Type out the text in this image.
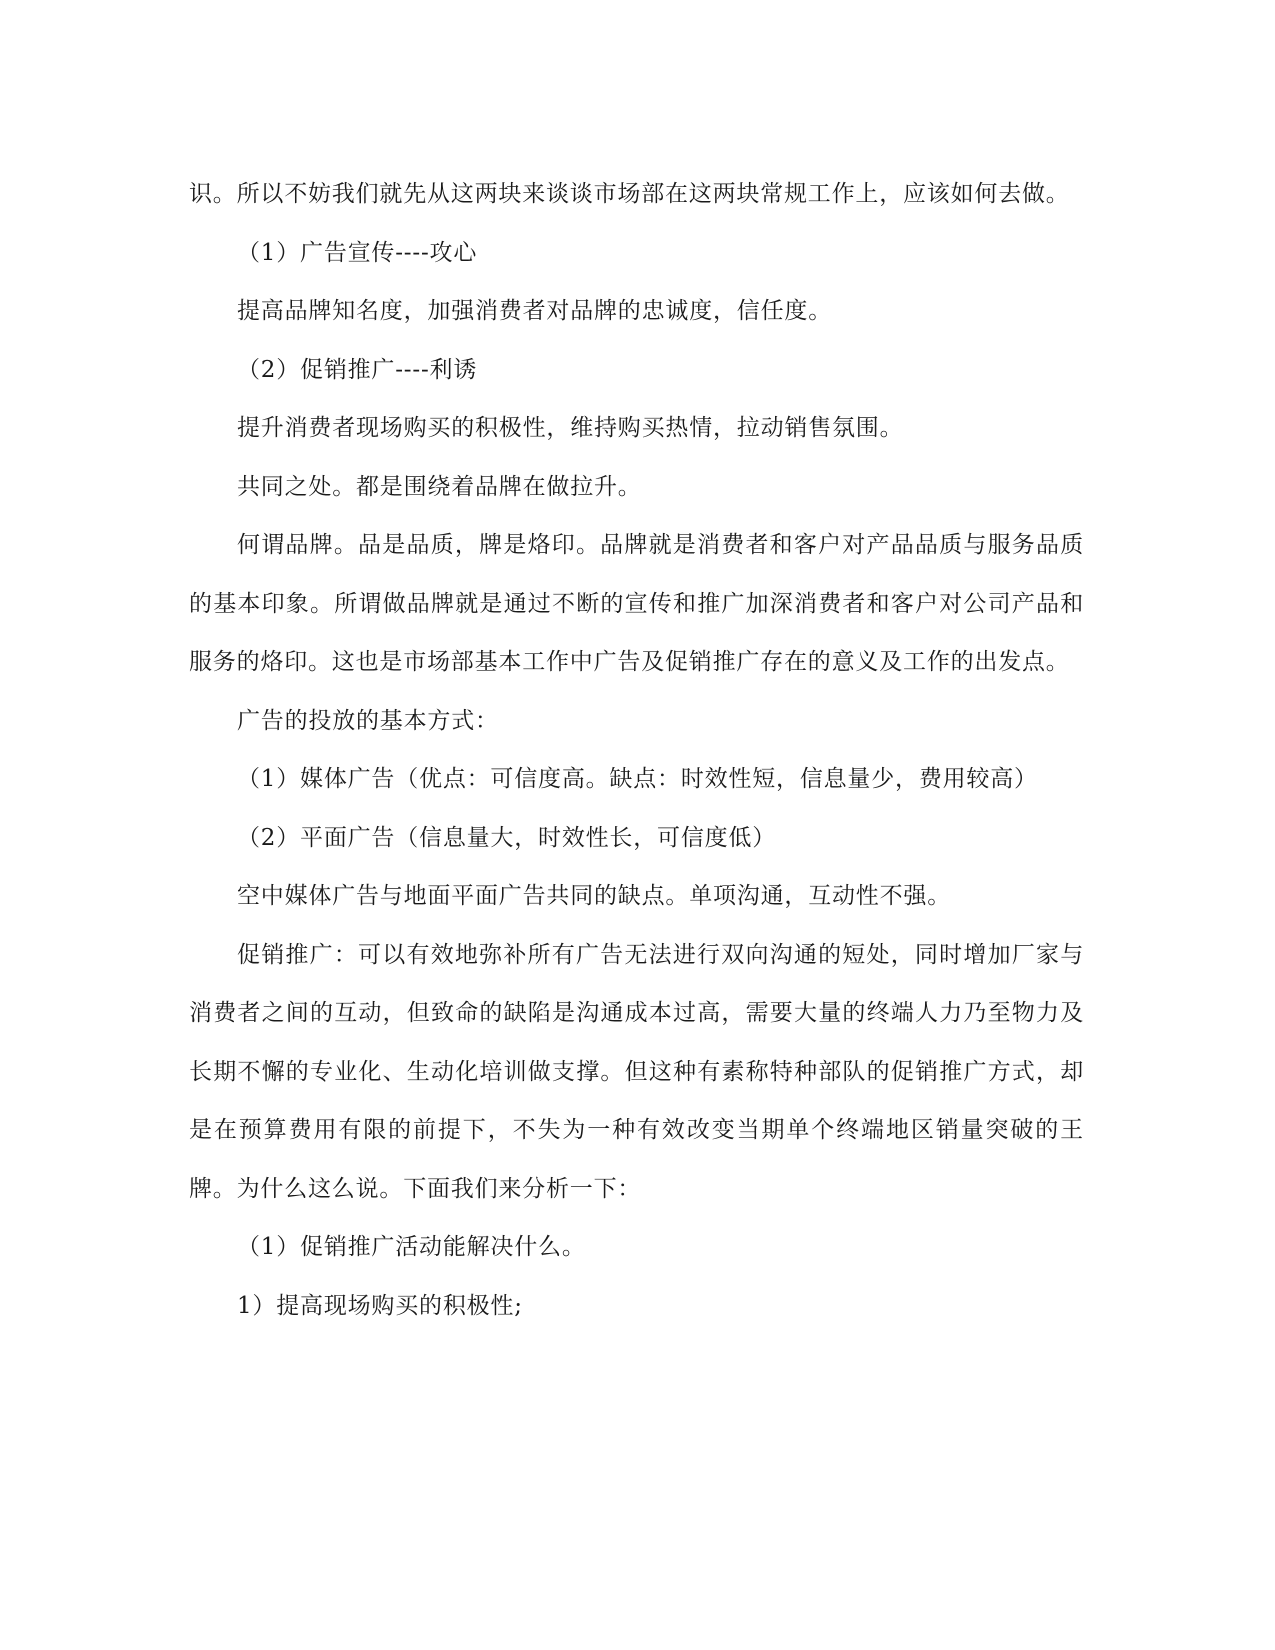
识。所以不妨我们就先从这两块来谈谈市场部在这两块常规工作上，应该如何去做。

（1）广告宣传----攻心

提高品牌知名度，加强消费者对品牌的忠诚度，信任度。

（2）促销推广----利诱

提升消费者现场购买的积极性，维持购买热情，拉动销售氛围。

共同之处。都是围绕着品牌在做拉升。

何谓品牌。品是品质，牌是烙印。品牌就是消费者和客户对产品品质与服务品质的基本印象。所谓做品牌就是通过不断的宣传和推广加深消费者和客户对公司产品和服务的烙印。这也是市场部基本工作中广告及促销推广存在的意义及工作的出发点。

广告的投放的基本方式：

（1）媒体广告（优点：可信度高。缺点：时效性短，信息量少，费用较高）

（2）平面广告（信息量大，时效性长，可信度低）

空中媒体广告与地面平面广告共同的缺点。单项沟通，互动性不强。

促销推广：可以有效地弥补所有广告无法进行双向沟通的短处，同时增加厂家与消费者之间的互动，但致命的缺陷是沟通成本过高，需要大量的终端人力乃至物力及长期不懈的专业化、生动化培训做支撑。但这种有素称特种部队的促销推广方式，却是在预算费用有限的前提下，不失为一种有效改变当期单个终端地区销量突破的王牌。为什么这么说。下面我们来分析一下：

（1）促销推广活动能解决什么。

1）提高现场购买的积极性;
